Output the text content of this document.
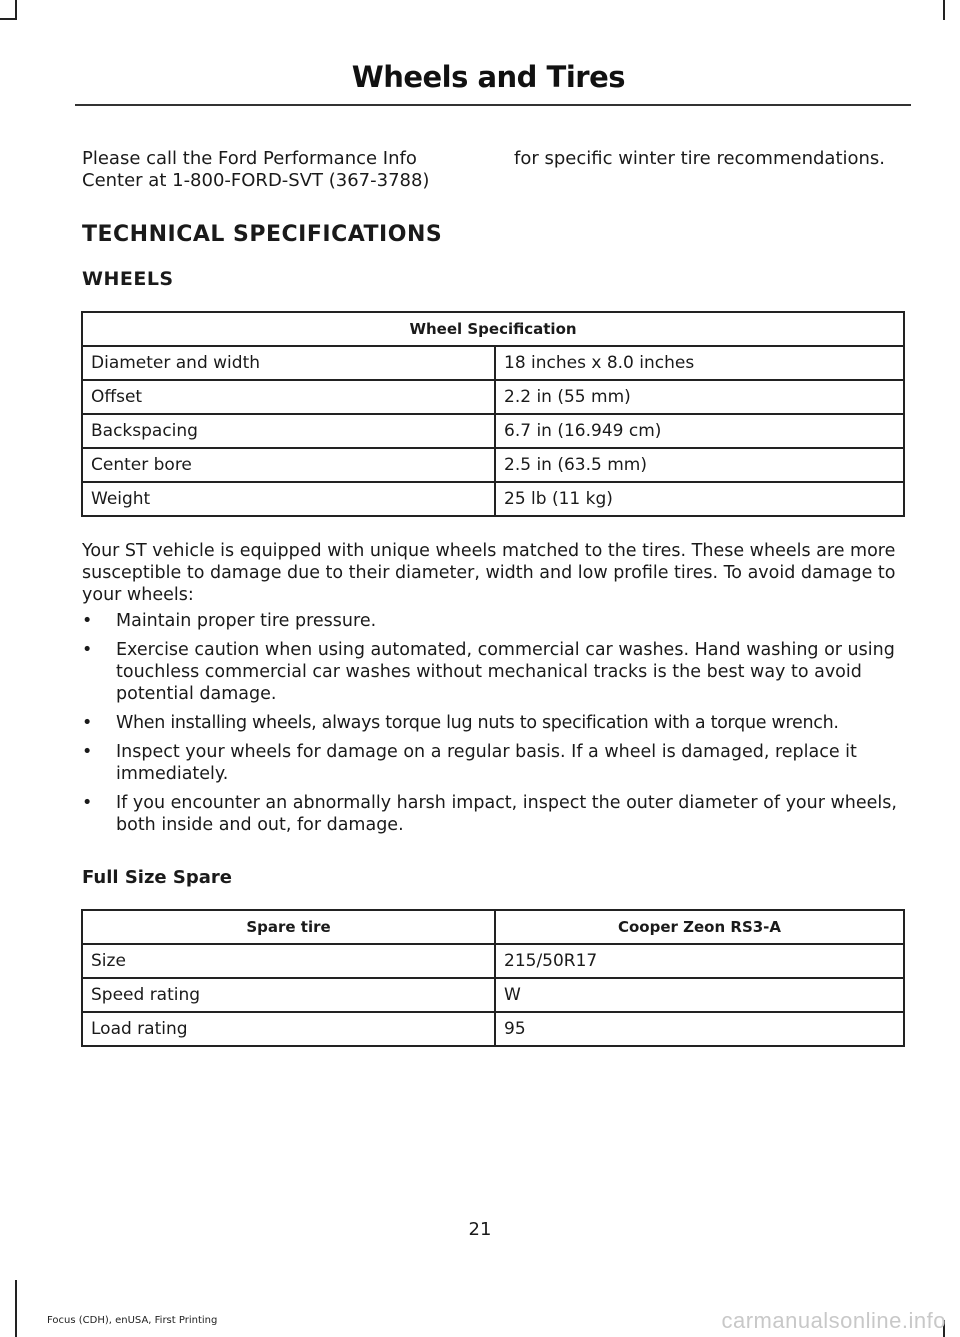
Wheels and Tires
Please call the Ford Performance Info Center at 1-800-FORD-SVT (367-3788)
for specific winter tire recommendations.
TECHNICAL SPECIFICATIONS
WHEELS
Wheel Specification	
Diameter and width	18 inches x 8.0 inches
Offset	2.2 in (55 mm)
Backspacing	6.7 in (16.949 cm)
Center bore	2.5 in (63.5 mm)
Weight	25 lb (11 kg)
Your ST vehicle is equipped with unique wheels matched to the tires. These wheels are more susceptible to damage due to their diameter, width and low profile tires. To avoid damage to your wheels:
• Maintain proper tire pressure.
• Exercise caution when using automated, commercial car washes. Hand washing or using touchless commercial car washes without mechanical tracks is the best way to avoid potential damage.
• When installing wheels, always torque lug nuts to specification with a torque wrench.
• Inspect your wheels for damage on a regular basis. If a wheel is damaged, replace it immediately.
• If you encounter an abnormally harsh impact, inspect the outer diameter of your wheels, both inside and out, for damage.
Full Size Spare
Spare tire	Cooper Zeon RS3-A
Size	215/50R17
Speed rating	W
Load rating	95
21
Focus (CDH), enUSA, First Printing	carmanualsonline.info
